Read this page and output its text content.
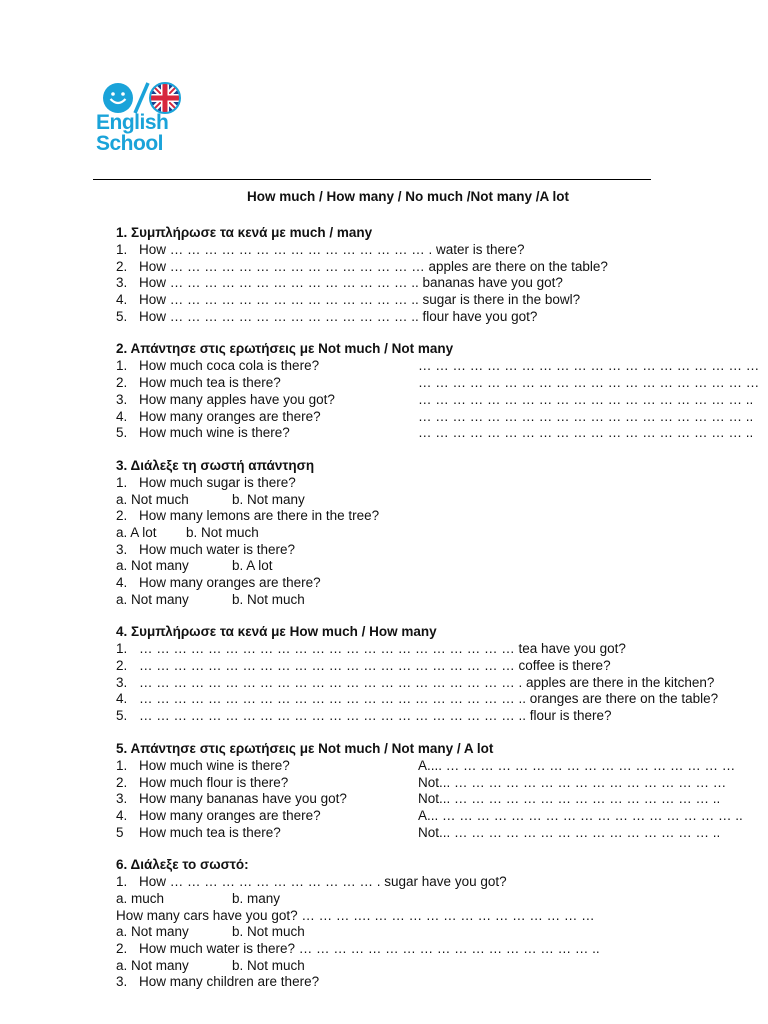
English
School
How much / How many / No much /Not many /A lot
1. Συμπλήρωσε τα κενά με much / many
1. How … … … … … … … … … … … … … … … . water is there?
2. How … … … … … … … … … … … … … … … apples are there on the table?
3. How … … … … … … … … … … … … … … .. bananas have you got?
4. How … … … … … … … … … … … … … … .. sugar is there in the bowl?
5. How … … … … … … … … … … … … … … .. flour have you got?
2. Απάντησε στις ερωτήσεις με Not much / Not many
1. How much coca cola is there?	… … … … … … … … … … … … … … … … … … … …
2. How much tea is there?	… … … … … … … … … … … … … … … … … … … …
3. How many apples have you got?	… … … … … … … … … … … … … … … … … … … ..
4. How many oranges are there?	… … … … … … … … … … … … … … … … … … … ..
5. How much wine is there?	… … … … … … … … … … … … … … … … … … … ..
3. Διάλεξε τη σωστή απάντηση
1. How much sugar is there?
a. Not much	b. Not many
2. How many lemons are there in the tree?
a. A lot b. Not much
3. How much water is there?
a. Not many	b. A lot
4. How many oranges are there?
a. Not many	b. Not much
4. Συμπλήρωσε τα κενά με How much / How many
1. … … … … … … … … … … … … … … … … … … … … … … tea have you got?
2. … … … … … … … … … … … … … … … … … … … … … … coffee is there?
3. … … … … … … … … … … … … … … … … … … … … … … . apples are there in the kitchen?
4. … … … … … … … … … … … … … … … … … … … … … … .. oranges are there on the table?
5. … … … … … … … … … … … … … … … … … … … … … … .. flour is there?
5. Απάντησε στις ερωτήσεις με Not much / Not many / A lot
1. How much wine is there?	A.... … … … … … … … … … … … … … … … … …
2. How much flour is there?	Not... … … … … … … … … … … … … … … … …
3. How many bananas have you got?	Not... … … … … … … … … … … … … … … … ..
4. How many oranges are there?	A... … … … … … … … … … … … … … … … … … ..
5	How much tea is there?	Not... … … … … … … … … … … … … … … … ..
6. Διάλεξε το σωστό:
1. How … … … … … … … … … … … … . sugar have you got?
a. much	b. many
How many cars have you got? … … … …. … … … … … … … … … … … … …
a. Not many	b. Not much
2. How much water is there? … … … … … … … … … … … … … … … … … ..
a. Not many	b. Not much
3. How many children are there?
